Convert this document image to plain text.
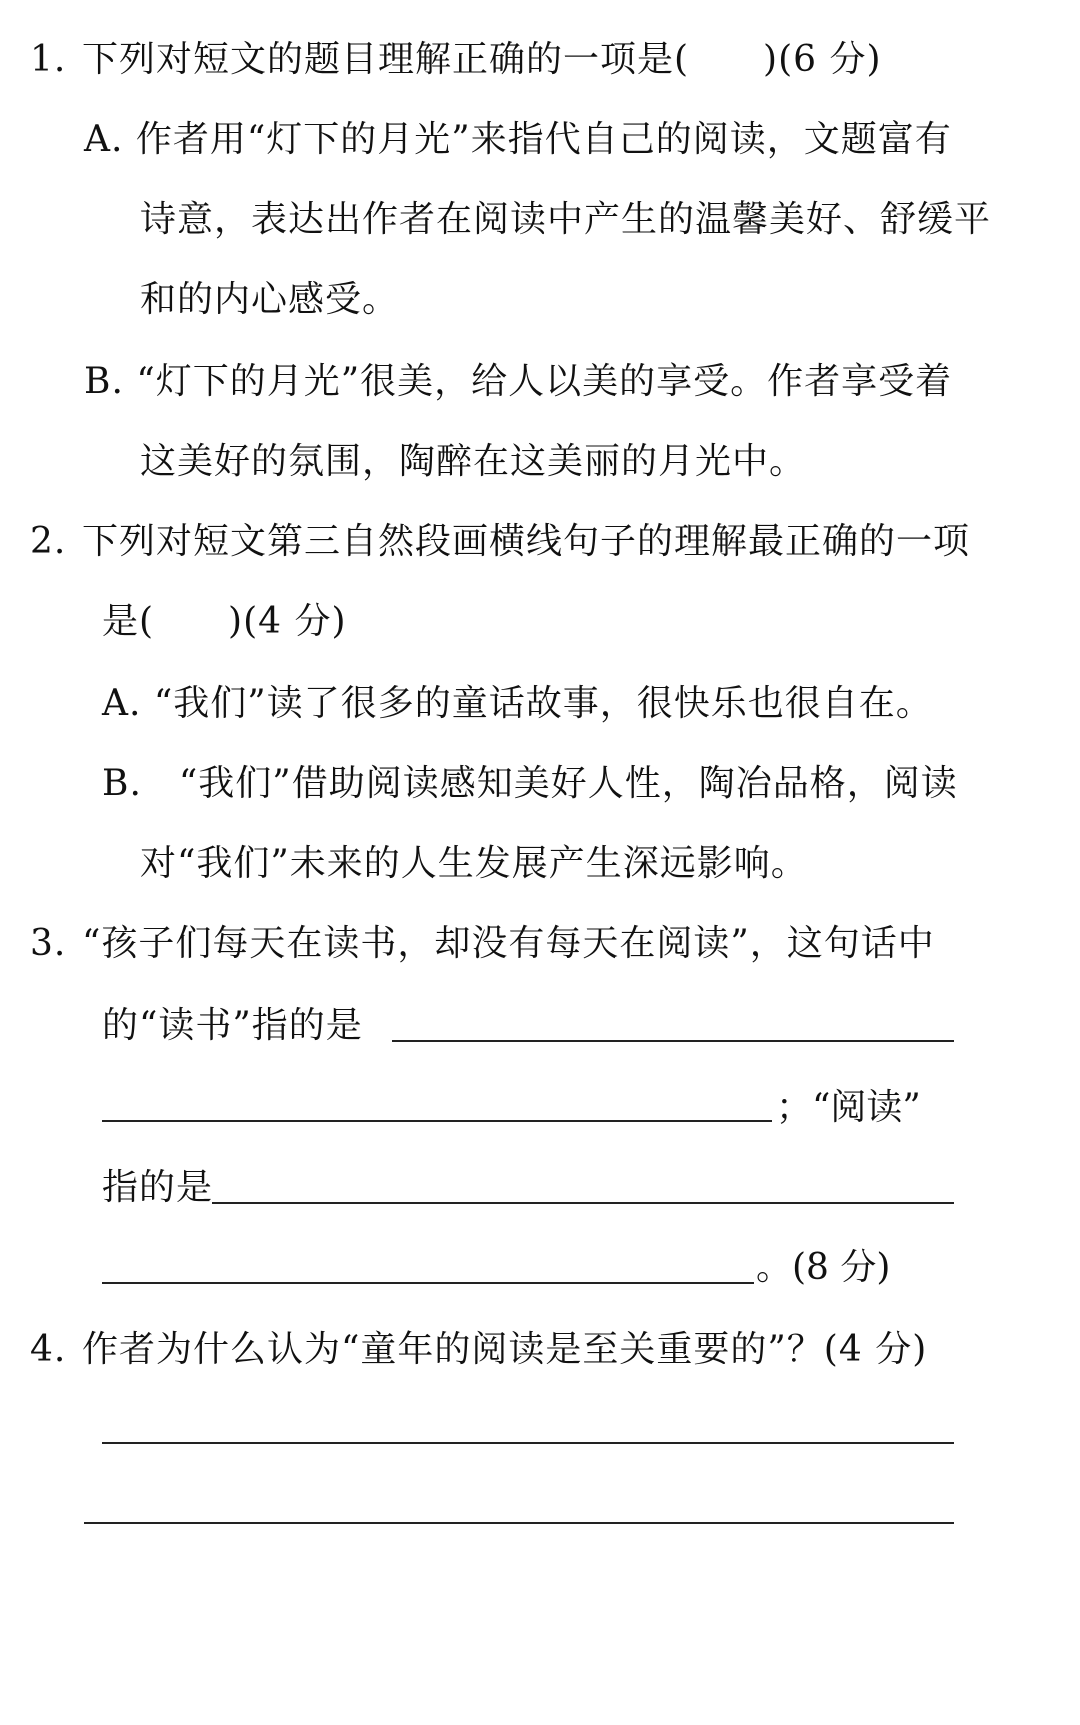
1. 下列对短文的题目理解正确的一项是(　　)(6 分)
A. 作者用“灯下的月光”来指代自己的阅读，文题富有
诗意，表达出作者在阅读中产生的温馨美好、舒缓平
和的内心感受。
B. “灯下的月光”很美，给人以美的享受。作者享受着
这美好的氛围，陶醉在这美丽的月光中。
2. 下列对短文第三自然段画横线句子的理解最正确的一项
是(　　)(4 分)
A. “我们”读了很多的童话故事，很快乐也很自在。
B.　“我们”借助阅读感知美好人性，陶冶品格，阅读
对“我们”未来的人生发展产生深远影响。
3. “孩子们每天在读书，却没有每天在阅读”，这句话中
的“读书”指的是
；“阅读”
指的是
。(8 分)
4. 作者为什么认为“童年的阅读是至关重要的”？(4 分)
